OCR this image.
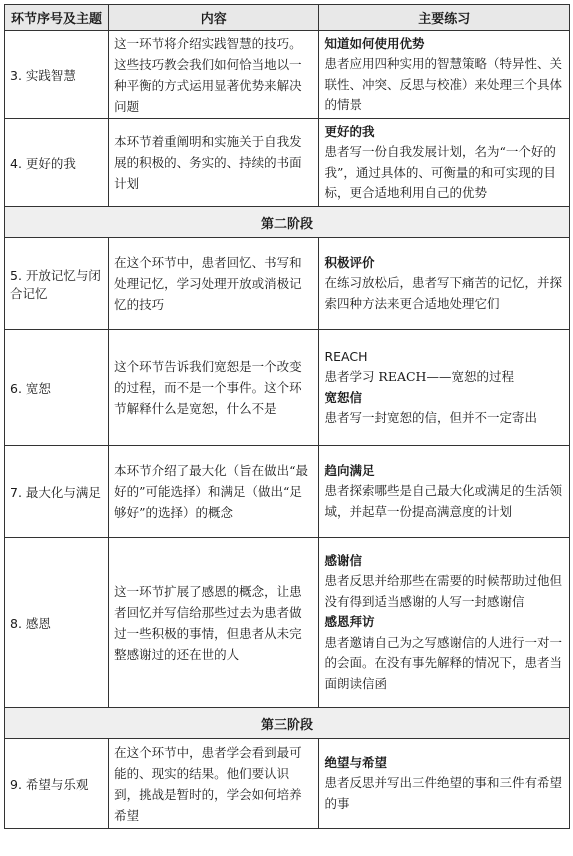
环节序号及主题	内容	主要练习
3. 实践智慧	这一环节将介绍实践智慧的技巧。这些技巧教会我们如何恰当地以一种平衡的方式运用显著优势来解决问题	知道如何使用优势
患者应用四种实用的智慧策略（特异性、关联性、冲突、反思与校准）来处理三个具体的情景

4. 更好的我	本环节着重阐明和实施关于自我发展的积极的、务实的、持续的书面计划	更好的我
患者写一份自我发展计划，名为“一个好的我”，通过具体的、可衡量的和可实现的目标，更合适地利用自己的优势

第二阶段		
5. 开放记忆与闭合记忆	在这个环节中，患者回忆、书写和处理记忆，学习处理开放或消极记忆的技巧	积极评价
在练习放松后，患者写下痛苦的记忆，并探索四种方法来更合适地处理它们

6. 宽恕	这个环节告诉我们宽恕是一个改变的过程，而不是一个事件。这个环节解释什么是宽恕，什么不是	REACH
患者学习 REACH——宽恕的过程
宽恕信
患者写一封宽恕的信，但并不一定寄出

7. 最大化与满足	本环节介绍了最大化（旨在做出“最好的”可能选择）和满足（做出“足够好”的选择）的概念	趋向满足
患者探索哪些是自己最大化或满足的生活领域，并起草一份提高满意度的计划

8. 感恩	这一环节扩展了感恩的概念，让患者回忆并写信给那些过去为患者做过一些积极的事情，但患者从未完整感谢过的还在世的人	感谢信
患者反思并给那些在需要的时候帮助过他但没有得到适当感谢的人写一封感谢信
感恩拜访
患者邀请自己为之写感谢信的人进行一对一的会面。在没有事先解释的情况下，患者当面朗读信函

第三阶段		
9. 希望与乐观	在这个环节中，患者学会看到最可能的、现实的结果。他们要认识到，挑战是暂时的，学会如何培养希望	绝望与希望
患者反思并写出三件绝望的事和三件有希望的事
